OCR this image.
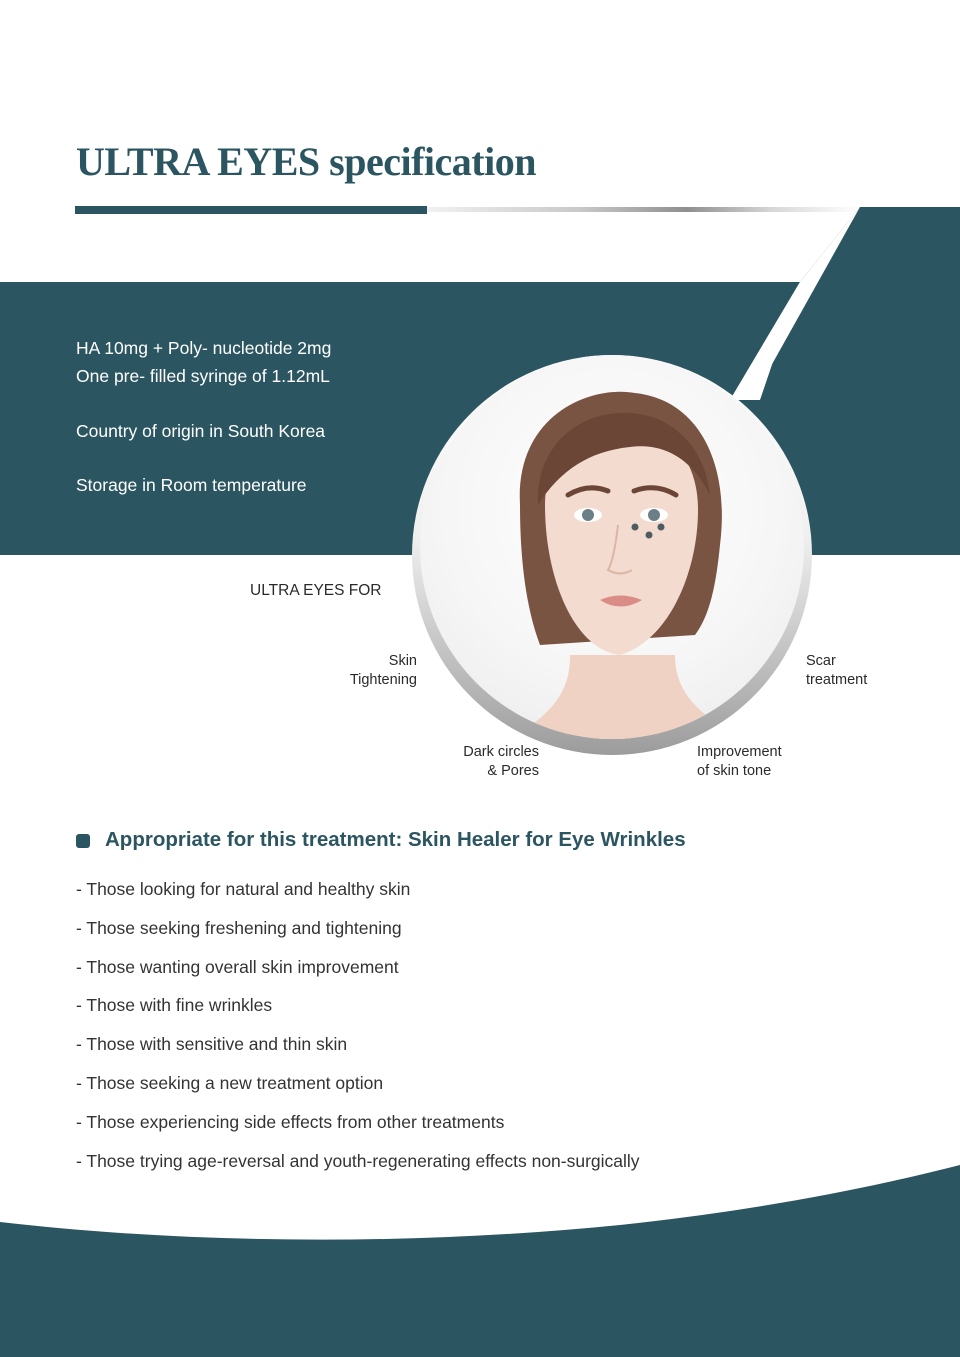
ULTRA EYES specification
HA 10mg + Poly- nucleotide 2mg
One pre- filled syringe of 1.12mL
Country of origin in South Korea
Storage in Room temperature
ULTRA EYES FOR
Skin
Tightening
Scar
treatment
Dark circles
& Pores
Improvement
of skin tone
Appropriate for this treatment: Skin Healer for Eye Wrinkles
- Those looking for natural and healthy skin
- Those seeking freshening and tightening
- Those wanting overall skin improvement
- Those with fine wrinkles
- Those with sensitive and thin skin
- Those seeking a new treatment option
- Those experiencing side effects from other treatments
- Those trying age-reversal and youth-regenerating effects non-surgically
